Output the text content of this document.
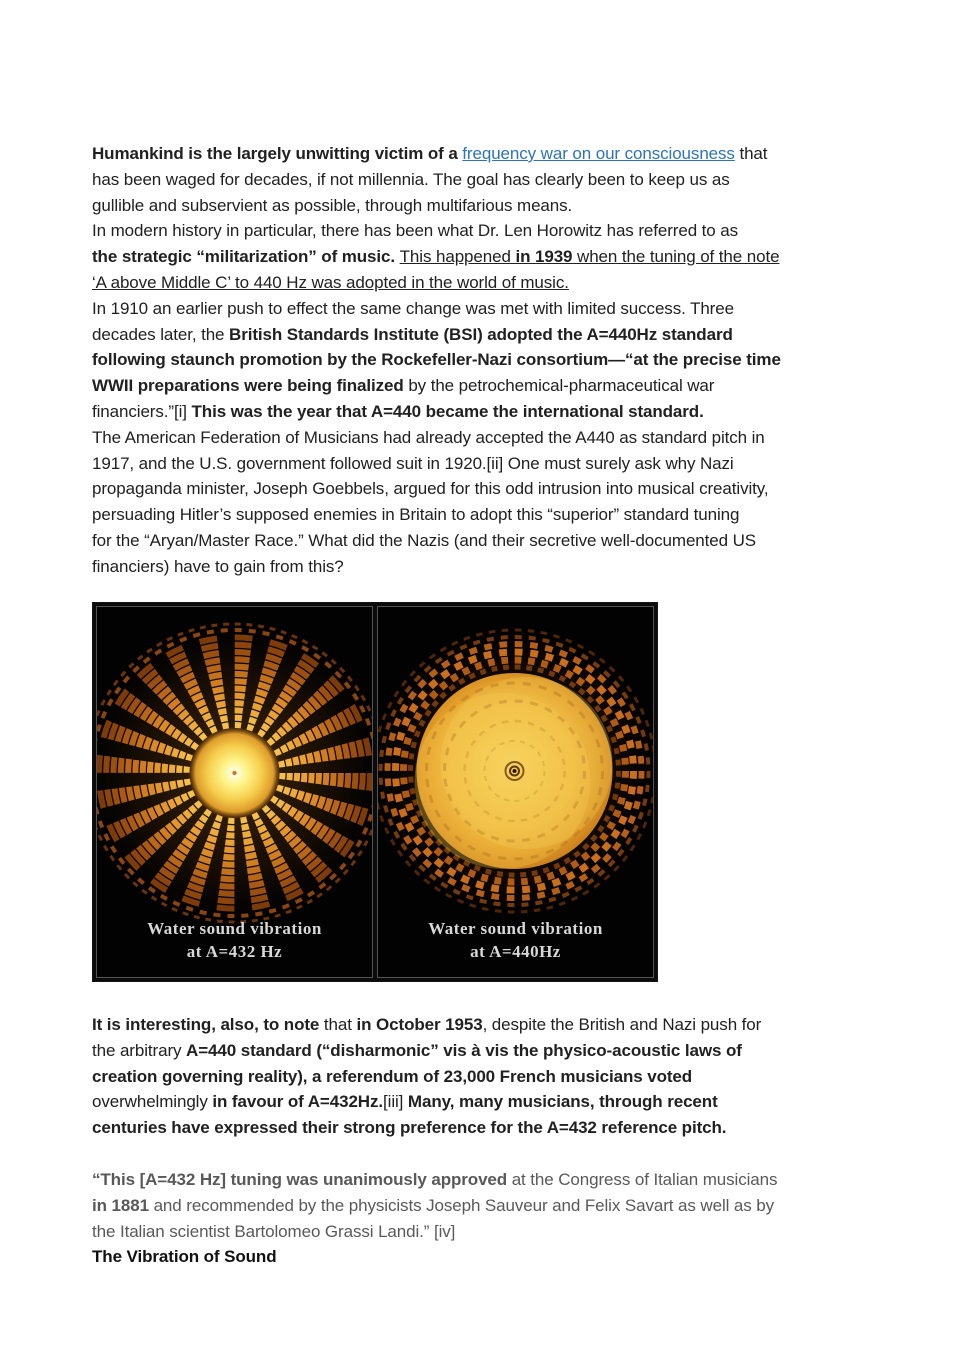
Humankind is the largely unwitting victim of a frequency war on our consciousness that
has been waged for decades, if not millennia. The goal has clearly been to keep us as
gullible and subservient as possible, through multifarious means.
In modern history in particular, there has been what Dr. Len Horowitz has referred to as
the strategic “militarization” of music. This happened in 1939 when the tuning of the note
‘A above Middle C’ to 440 Hz was adopted in the world of music.
In 1910 an earlier push to effect the same change was met with limited success. Three
decades later, the British Standards Institute (BSI) adopted the A=440Hz standard
following staunch promotion by the Rockefeller-Nazi consortium—“at the precise time
WWII preparations were being finalized by the petrochemical-pharmaceutical war
financiers.”[i] This was the year that A=440 became the international standard.
The American Federation of Musicians had already accepted the A440 as standard pitch in
1917, and the U.S. government followed suit in 1920.[ii] One must surely ask why Nazi
propaganda minister, Joseph Goebbels, argued for this odd intrusion into musical creativity,
persuading Hitler’s supposed enemies in Britain to adopt this “superior” standard tuning
for the “Aryan/Master Race.” What did the Nazis (and their secretive well-documented US
financiers) have to gain from this?

Water sound vibration
at A=432 Hz
Water sound vibration
at A=440Hz

It is interesting, also, to note that in October 1953, despite the British and Nazi push for
the arbitrary A=440 standard (“disharmonic” vis à vis the physico-acoustic laws of
creation governing reality), a referendum of 23,000 French musicians voted
overwhelmingly in favour of A=432Hz.[iii] Many, many musicians, through recent
centuries have expressed their strong preference for the A=432 reference pitch.

“This [A=432 Hz] tuning was unanimously approved at the Congress of Italian musicians
in 1881 and recommended by the physicists Joseph Sauveur and Felix Savart as well as by
the Italian scientist Bartolomeo Grassi Landi.” [iv]
The Vibration of Sound
